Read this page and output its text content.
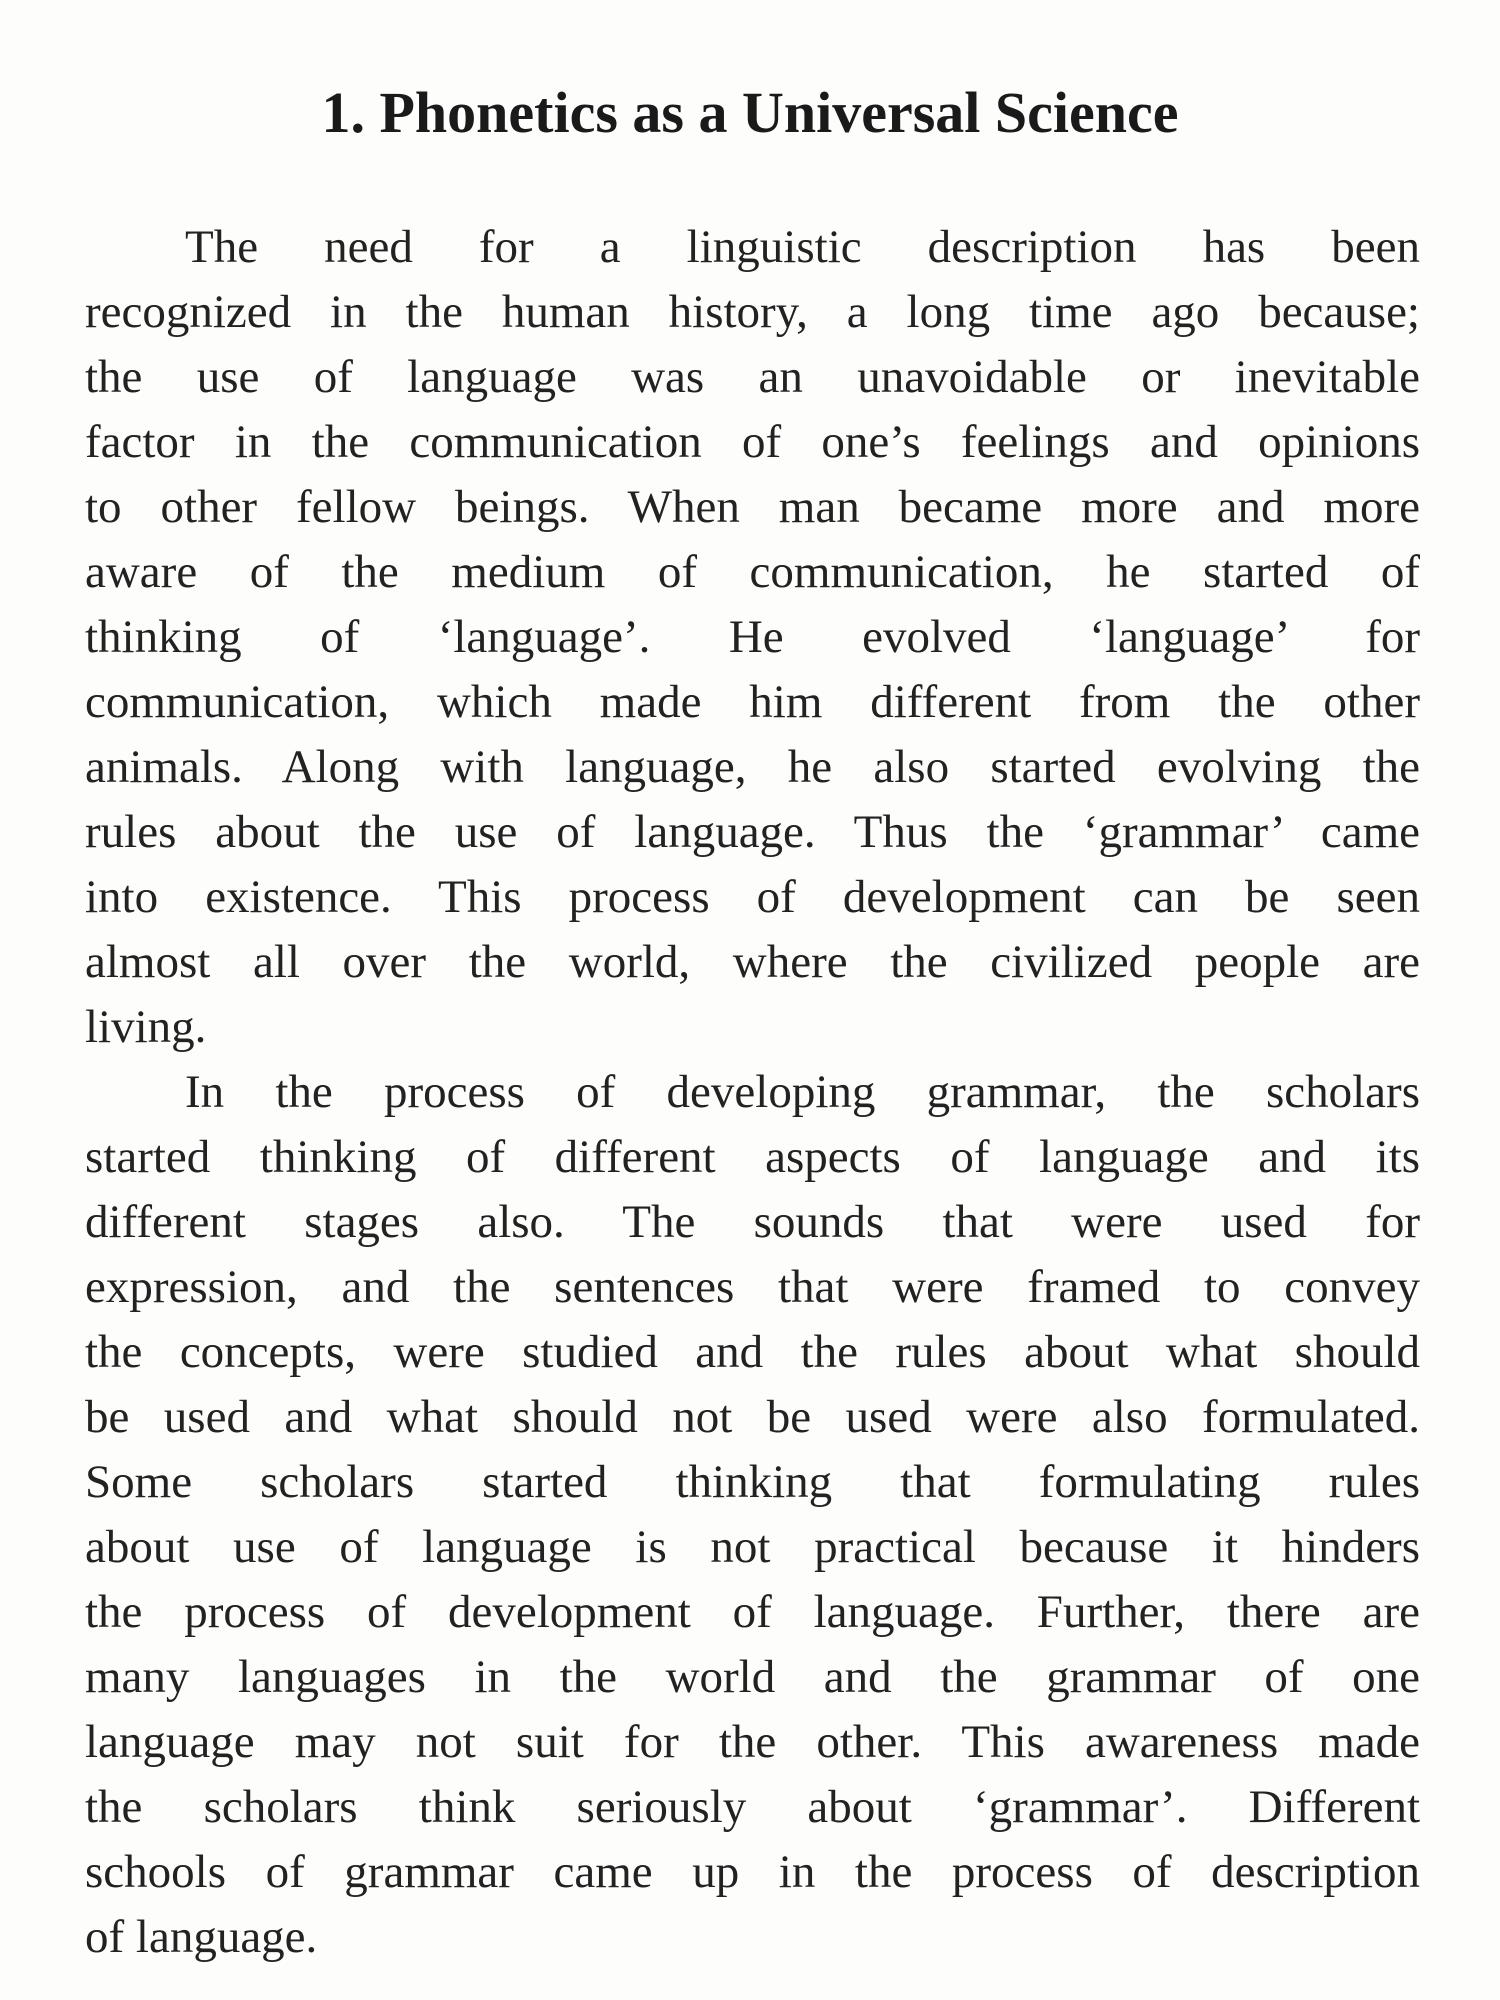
1. Phonetics as a Universal Science

The need for a linguistic description has been
recognized in the human history, a long time ago because;
the use of language was an unavoidable or inevitable
factor in the communication of one’s feelings and opinions
to other fellow beings. When man became more and more
aware of the medium of communication, he started of
thinking of ‘language’. He evolved ‘language’ for
communication, which made him different from the other
animals. Along with language, he also started evolving the
rules about the use of language. Thus the ‘grammar’ came
into existence. This process of development can be seen
almost all over the world, where the civilized people are
living.

In the process of developing grammar, the scholars
started thinking of different aspects of language and its
different stages also. The sounds that were used for
expression, and the sentences that were framed to convey
the concepts, were studied and the rules about what should
be used and what should not be used were also formulated.
Some scholars started thinking that formulating rules
about use of language is not practical because it hinders
the process of development of language. Further, there are
many languages in the world and the grammar of one
language may not suit for the other. This awareness made
the scholars think seriously about ‘grammar’. Different
schools of grammar came up in the process of description
of language.
